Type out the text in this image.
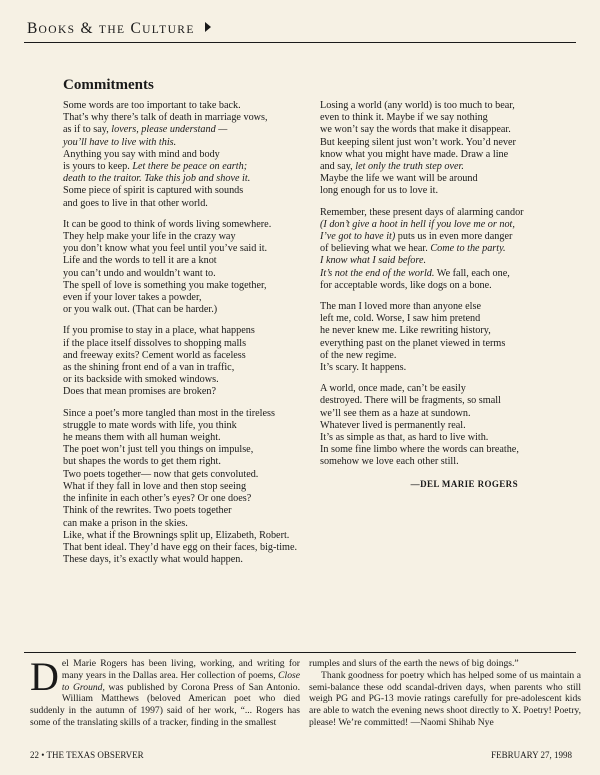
BOOKS & THE CULTURE
Commitments
Some words are too important to take back.
That’s why there’s talk of death in marriage vows,
as if to say, lovers, please understand —
you’ll have to live with this.
Anything you say with mind and body
is yours to keep. Let there be peace on earth;
death to the traitor. Take this job and shove it.
Some piece of spirit is captured with sounds
and goes to live in that other world.
It can be good to think of words living somewhere.
They help make your life in the crazy way
you don’t know what you feel until you’ve said it.
Life and the words to tell it are a knot
you can’t undo and wouldn’t want to.
The spell of love is something you make together,
even if your lover takes a powder,
or you walk out. (That can be harder.)
If you promise to stay in a place, what happens
if the place itself dissolves to shopping malls
and freeway exits? Cement world as faceless
as the shining front end of a van in traffic,
or its backside with smoked windows.
Does that mean promises are broken?
Since a poet’s more tangled than most in the tireless
struggle to mate words with life, you think
he means them with all human weight.
The poet won’t just tell you things on impulse,
but shapes the words to get them right.
Two poets together— now that gets convoluted.
What if they fall in love and then stop seeing
the infinite in each other’s eyes? Or one does?
Think of the rewrites. Two poets together
can make a prison in the skies.
Like, what if the Brownings split up, Elizabeth, Robert.
That bent ideal. They’d have egg on their faces, big-time.
These days, it’s exactly what would happen.
Losing a world (any world) is too much to bear,
even to think it. Maybe if we say nothing
we won’t say the words that make it disappear.
But keeping silent just won’t work. You’d never
know what you might have made. Draw a line
and say, let only the truth step over.
Maybe the life we want will be around
long enough for us to love it.
Remember, these present days of alarming candor
(I don’t give a hoot in hell if you love me or not,
I’ve got to have it) puts us in even more danger
of believing what we hear. Come to the party.
I know what I said before.
It’s not the end of the world. We fall, each one,
for acceptable words, like dogs on a bone.
The man I loved more than anyone else
left me, cold. Worse, I saw him pretend
he never knew me. Like rewriting history,
everything past on the planet viewed in terms
of the new regime.
It’s scary. It happens.
A world, once made, can’t be easily
destroyed. There will be fragments, so small
we’ll see them as a haze at sundown.
Whatever lived is permanently real.
It’s as simple as that, as hard to live with.
In some fine limbo where the words can breathe,
somehow we love each other still.
—DEL MARIE ROGERS

Del Marie Rogers has been living, working, and writing for many years in the Dallas area. Her collection of poems, Close to Ground, was published by Corona Press of San Antonio. William Matthews (beloved American poet who died suddenly in the autumn of 1997) said of her work, “... Rogers has some of the translating skills of a tracker, finding in the smallest

rumples and slurs of the earth the news of big doings.”

Thank goodness for poetry which has helped some of us maintain a semi-balance these odd scandal-driven days, when parents who still weigh PG and PG-13 movie ratings carefully for pre-adolescent kids are able to watch the evening news shoot directly to X. Poetry! Poetry, please! We’re committed! —Naomi Shihab Nye

22 • THE TEXAS OBSERVER	FEBRUARY 27, 1998
